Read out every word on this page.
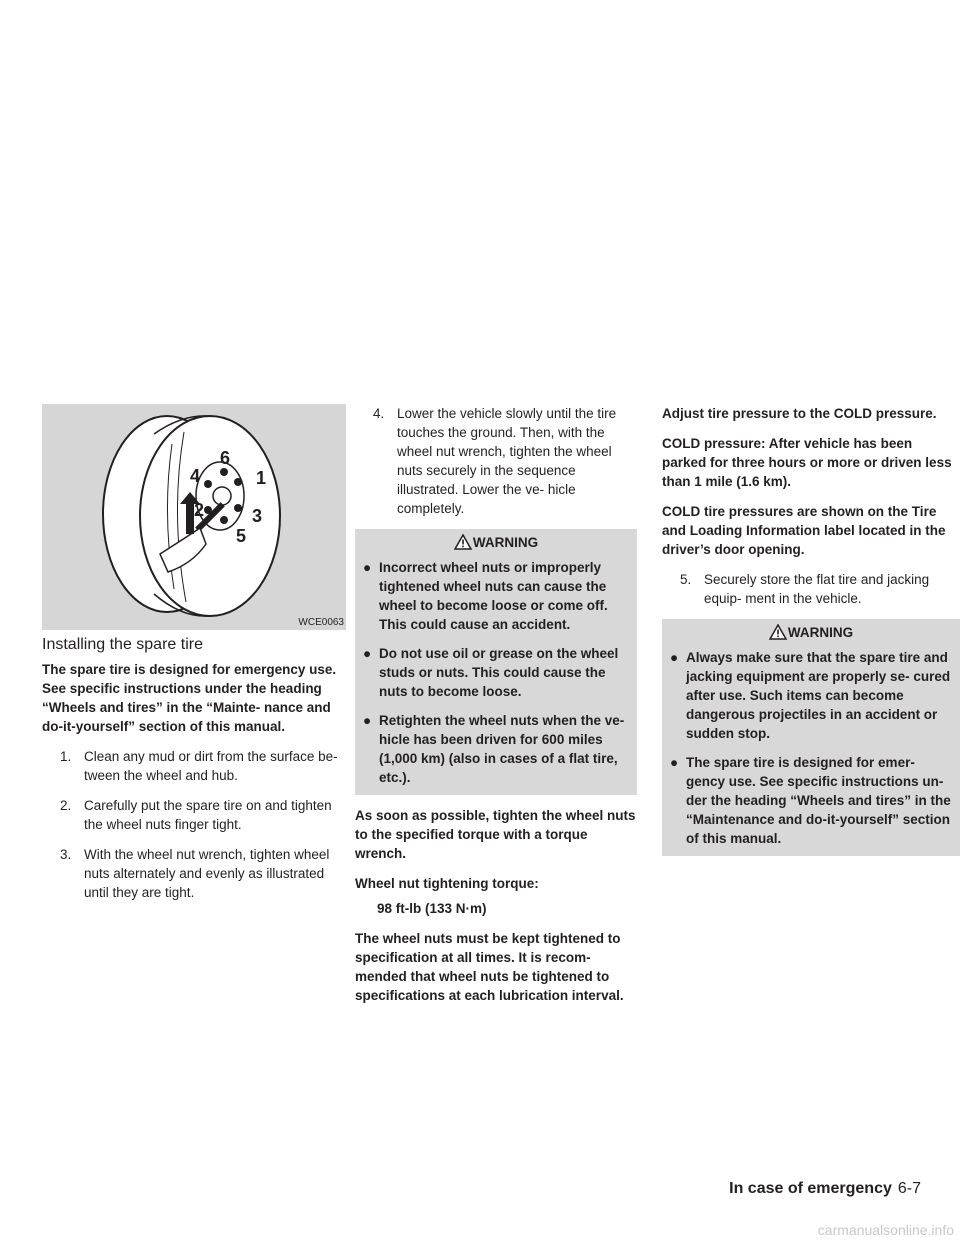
6
1
4
2	3
5
WCE0063
Installing the spare tire

The spare tire is designed for emergency use. See specific instructions under the heading “Wheels and tires” in the “Mainte- nance and do-it-yourself” section of this manual.

1. Clean any mud or dirt from the surface be- tween the wheel and hub.
2. Carefully put the spare tire on and tighten the wheel nuts finger tight.
3. With the wheel nut wrench, tighten wheel nuts alternately and evenly as illustrated until they are tight.
4. Lower the vehicle slowly until the tire touches the ground. Then, with the wheel nut wrench, tighten the wheel nuts securely in the sequence illustrated. Lower the ve- hicle completely.
WARNING
● Incorrect wheel nuts or improperly tightened wheel nuts can cause the wheel to become loose or come off. This could cause an accident.
● Do not use oil or grease on the wheel studs or nuts. This could cause the nuts to become loose.
● Retighten the wheel nuts when the ve- hicle has been driven for 600 miles (1,000 km) (also in cases of a flat tire, etc.).

As soon as possible, tighten the wheel nuts to the specified torque with a torque wrench.

Wheel nut tightening torque:

98 ft-lb (133 N·m)

The wheel nuts must be kept tightened to specification at all times. It is recom- mended that wheel nuts be tightened to specifications at each lubrication interval.

Adjust tire pressure to the COLD pressure.

COLD pressure: After vehicle has been parked for three hours or more or driven less than 1 mile (1.6 km).

COLD tire pressures are shown on the Tire and Loading Information label located in the driver’s door opening.

5. Securely store the flat tire and jacking equip- ment in the vehicle.
WARNING
● Always make sure that the spare tire and jacking equipment are properly se- cured after use. Such items can become dangerous projectiles in an accident or sudden stop.
● The spare tire is designed for emer- gency use. See specific instructions un- der the heading “Wheels and tires” in the “Maintenance and do-it-yourself” section of this manual.
In case of emergency 6-7
carmanualsonline.info
